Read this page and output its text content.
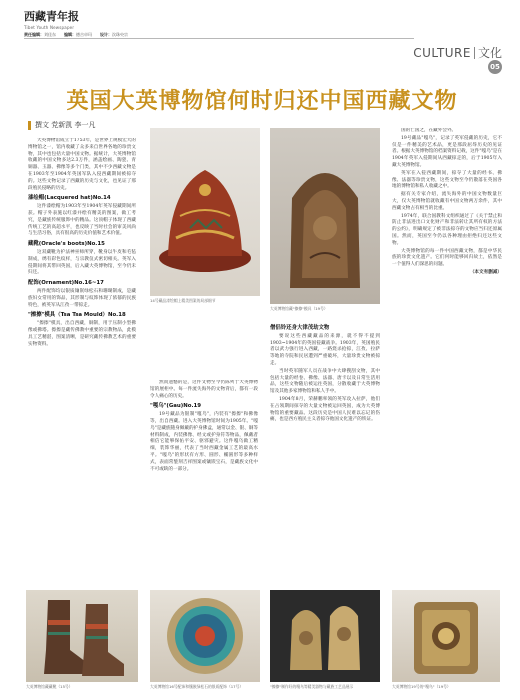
西藏青年报
Tibet Youth Newspaper
责任编辑：刘佳东 编辑：德吉卓玛 设计：次珠央宗
CULTURE 文化
05
英国大英博物馆何时归还中国西藏文物
撰文 党新凯 李一凡

大英博物馆成立于1753年，是世界上规模宏大的博物馆之一，馆内收藏了众多来自世界各地的珍贵文物，其中也包括大量中国文物。据统计，大英博物馆收藏的中国文物多达2.3万件，涵盖绘画、陶瓷、青铜器、玉器、佛像等多个门类，其中不少西藏文物是在1903年至1904年英国军队入侵西藏期间被掠夺的。这些文物记录了西藏的历史与文化，也见证了那段殖民侵略的历史。

漆绘帽(Lacquered hat)No.14

这件漆绘帽为1903年至1904年英军侵藏期间所获。帽子外表施以红漆并绘有精美的图案，做工考究，是藏族传统服饰中的精品。这顶帽子体现了西藏传统工艺的高超水平，也反映了当时社会的审美风尚与生活习俗，具有很高的历史价值和艺术价值。

藏靴(Oracle's boots)No.15

这双藏靴为护法神巫师所穿，靴身以牛皮和毛毡制成，绣有彩色纹样，与宗教仪式密切相关。英军入侵期间将其带回英国，后入藏大英博物馆，至今仍未归还。

配饰(Ornament)No.16~17

两件配饰均以银质镶嵌绿松石和珊瑚制成，是藏族妇女常用的饰品，其形制与纹饰体现了浓郁的民族特色，被英军从江孜一带掠走。

"擦擦"模具（Tsa Tsa Mould）No.18

"擦擦"模具，出自西藏，铜制，用于压制小型佛像或佛塔。擦擦是藏传佛教中重要的宗教物品，此模具工艺精湛，图案清晰，是研究藏传佛教艺术的重要实物资料。

14号藏品漆绘帽上精美图案的局部细节
大英博物馆藏"擦擦"模具（19号）

然而遗憾的是，这件文物至今仍陈列于大英博物馆的展柜中。每一件流失海外的文物背后，都有一段令人痛心的历史。

"嘎乌"(Gau)No.19

19号藏品为银制"嘎乌"，内装有"擦擦"和佛像等，出自西藏。进入大英博物馆时间为1905年。"嘎乌"是藏族随身佩戴的护身佛盒，通常以金、银、铜等材料制成，内装佛像、经文或护身符等物品，佩戴者相信它能够保佑平安、驱邪避灾。这件嘎乌做工精细，装饰华丽，代表了当时西藏金属工艺的最高水平。"嘎乌"的形状有方形、圆形、椭圆形等多种样式，表面常錾刻吉祥图案或镶嵌宝石，是藏族文化中不可或缺的一部分。

僧侣铃还身大律茂劫文物

要说这些西藏藏品的来源，就不得不提到1903~1904年的英国侵藏战争。1903年，英国殖民者以武力强行进入西藏，一路烧杀抢掠，江孜、拉萨等地的寺院和民居遭到严重破坏，大量珍贵文物被掠走。

当时英军随军人员在战争中大肆搜刮文物，其中包括大量的经卷、佛像、法器、唐卡以及日常生活用品，这些文物随后被运往英国，分散收藏于大英博物馆及其他多家博物馆和私人手中。

1904年8月，荣赫鹏率领的英军攻入拉萨，他们在占领期间掠夺的大量文物被运回英国，成为大英博物馆的重要藏品。这段历史是中国人民难以忘记的伤痛，也是西方殖民主义者掠夺他国文化遗产的铁证。

国的亡国之，在藏外会外。

19号藏品"嘎乌"，记录了英军侵藏的历史，它不仅是一件精美的艺术品，更是那段屈辱历史的见证者。根据大英博物馆的档案资料记载，这件"嘎乌"是在1904年英军入侵期间从西藏掠走的，后于1905年入藏大英博物馆。

英军在入侵西藏期间，掠夺了大量的经书、佛像、法器等珍贵文物，这些文物至今仍散落在英国各地的博物馆和私人收藏之中。

据有关专家介绍，流失海外的中国文物数量巨大，仅大英博物馆就收藏有中国文物两万余件，其中西藏文物占有相当的比重。

1974年，联合国教科文组织通过了《关于禁止和防止非法进出口文化财产和非法转让其所有权的方法的公约》，明确规定了被非法掠夺的文物应当归还原属国。然而，英国至今仍以各种理由拒绝归还这些文物。

大英博物馆的每一件中国西藏文物，都是中华民族的珍贵文化遗产。它们何时能够回归故土，依然是一个值得人们深思的问题。

（本文有删减）

大英博物馆藏藏靴（15号）	大英博物馆16号配饰和镶嵌绿松石的银质配饰（17号）	"擦擦"制作好的嘎乌等精美器物与藏族工艺品展示	大英博物馆19号的"嘎乌"（19号）
